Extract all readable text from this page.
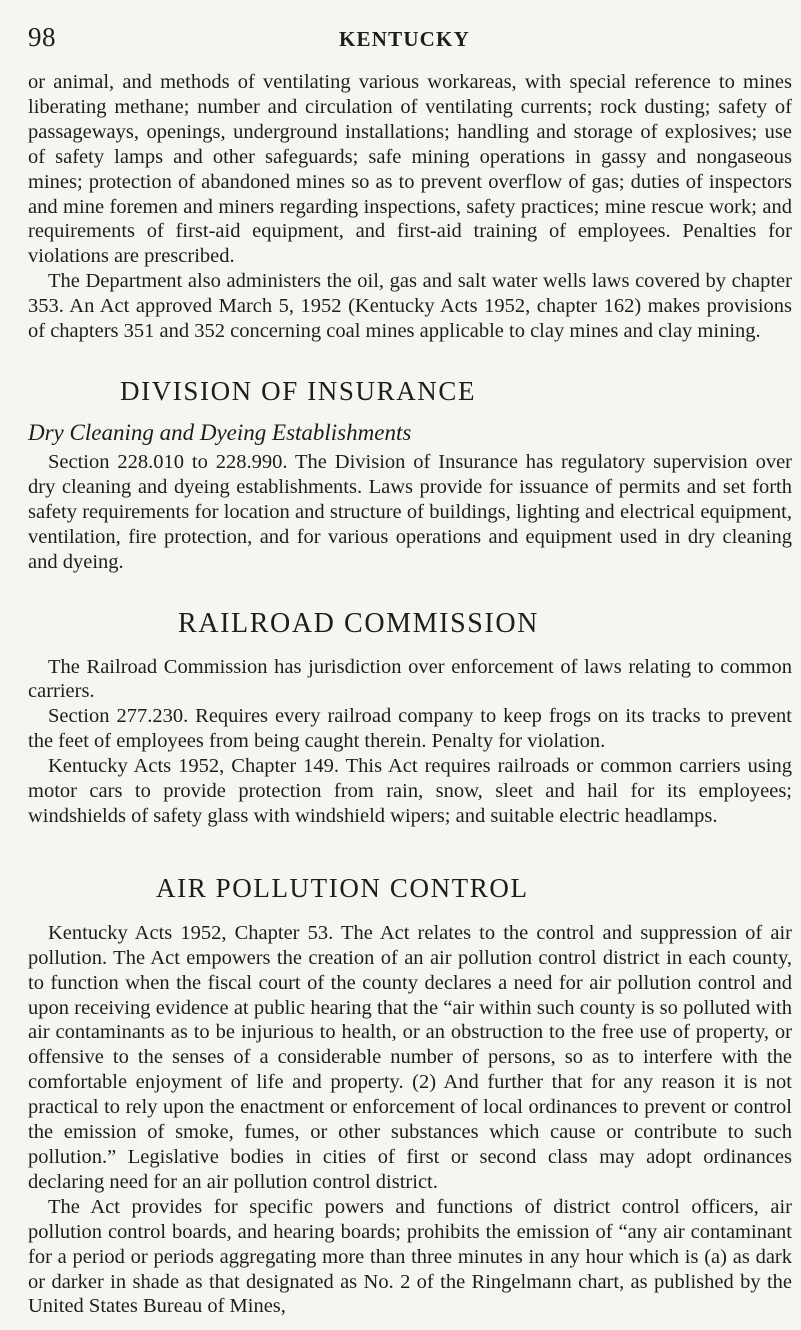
98	KENTUCKY

or animal, and methods of ventilating various workareas, with special reference to mines liberating methane; number and circulation of ventilating currents; rock dusting; safety of passageways, openings, underground installations; handling and storage of explosives; use of safety lamps and other safeguards; safe mining operations in gassy and nongaseous mines; protection of abandoned mines so as to prevent overflow of gas; duties of inspectors and mine foremen and miners regarding inspections, safety practices; mine rescue work; and requirements of first-aid equipment, and first-aid training of employees. Penalties for violations are prescribed.

The Department also administers the oil, gas and salt water wells laws covered by chapter 353. An Act approved March 5, 1952 (Kentucky Acts 1952, chapter 162) makes provisions of chapters 351 and 352 concerning coal mines applicable to clay mines and clay mining.

DIVISION OF INSURANCE
Dry Cleaning and Dyeing Establishments

Section 228.010 to 228.990. The Division of Insurance has regulatory supervision over dry cleaning and dyeing establishments. Laws provide for issuance of permits and set forth safety requirements for location and structure of buildings, lighting and electrical equipment, ventilation, fire protection, and for various operations and equipment used in dry cleaning and dyeing.

RAILROAD COMMISSION

The Railroad Commission has jurisdiction over enforcement of laws relating to common carriers.

Section 277.230. Requires every railroad company to keep frogs on its tracks to prevent the feet of employees from being caught therein. Penalty for violation.

Kentucky Acts 1952, Chapter 149. This Act requires railroads or common carriers using motor cars to provide protection from rain, snow, sleet and hail for its employees; windshields of safety glass with windshield wipers; and suitable electric headlamps.

AIR POLLUTION CONTROL

Kentucky Acts 1952, Chapter 53. The Act relates to the control and suppression of air pollution. The Act empowers the creation of an air pollution control district in each county, to function when the fiscal court of the county declares a need for air pollution control and upon receiving evidence at public hearing that the “air within such county is so polluted with air contaminants as to be injurious to health, or an obstruction to the free use of property, or offensive to the senses of a considerable number of persons, so as to interfere with the comfortable enjoyment of life and property. (2) And further that for any reason it is not practical to rely upon the enactment or enforcement of local ordinances to prevent or control the emission of smoke, fumes, or other substances which cause or contribute to such pollution.” Legislative bodies in cities of first or second class may adopt ordinances declaring need for an air pollution control district.

The Act provides for specific powers and functions of district control officers, air pollution control boards, and hearing boards; prohibits the emission of “any air contaminant for a period or periods aggregating more than three minutes in any hour which is (a) as dark or darker in shade as that designated as No. 2 of the Ringelmann chart, as published by the United States Bureau of Mines,
